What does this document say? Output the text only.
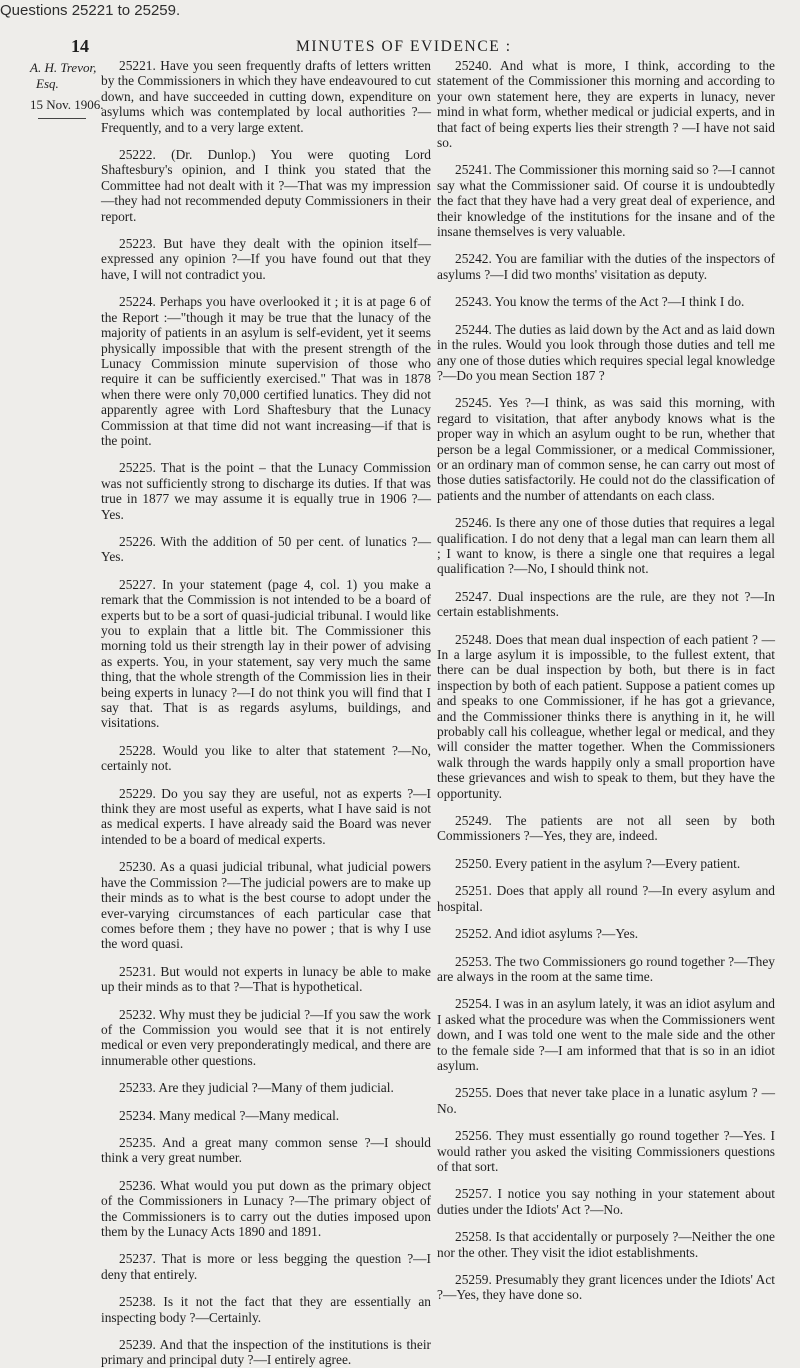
Questions 25221 to 25259.
14	MINUTES OF EVIDENCE :
A. H. Trevor,
Esq.
15 Nov. 1906.

25221. Have you seen frequently drafts of letters written by the Commissioners in which they have endeavoured to cut down, and have succeeded in cutting down, expenditure on asylums which was contemplated by local authorities ?—Frequently, and to a very large extent.

25222. (Dr. Dunlop.) You were quoting Lord Shaftesbury's opinion, and I think you stated that the Committee had not dealt with it ?—That was my impression—they had not recommended deputy Commissioners in their report.

25223. But have they dealt with the opinion itself—expressed any opinion ?—If you have found out that they have, I will not contradict you.

25224. Perhaps you have overlooked it ; it is at page 6 of the Report :—"though it may be true that the lunacy of the majority of patients in an asylum is self-evident, yet it seems physically impossible that with the present strength of the Lunacy Commission minute supervision of those who require it can be sufficiently exercised." That was in 1878 when there were only 70,000 certified lunatics. They did not apparently agree with Lord Shaftesbury that the Lunacy Commission at that time did not want increasing—if that is the point.

25225. That is the point – that the Lunacy Commission was not sufficiently strong to discharge its duties. If that was true in 1877 we may assume it is equally true in 1906 ?—Yes.

25226. With the addition of 50 per cent. of lunatics ?—Yes.

25227. In your statement (page 4, col. 1) you make a remark that the Commission is not intended to be a board of experts but to be a sort of quasi-judicial tribunal. I would like you to explain that a little bit. The Commissioner this morning told us their strength lay in their power of advising as experts. You, in your statement, say very much the same thing, that the whole strength of the Commission lies in their being experts in lunacy ?—I do not think you will find that I say that. That is as regards asylums, buildings, and visitations.

25228. Would you like to alter that statement ?—No, certainly not.

25229. Do you say they are useful, not as experts ?—I think they are most useful as experts, what I have said is not as medical experts. I have already said the Board was never intended to be a board of medical experts.

25230. As a quasi judicial tribunal, what judicial powers have the Commission ?—The judicial powers are to make up their minds as to what is the best course to adopt under the ever-varying circumstances of each particular case that comes before them ; they have no power ; that is why I use the word quasi.

25231. But would not experts in lunacy be able to make up their minds as to that ?—That is hypothetical.

25232. Why must they be judicial ?—If you saw the work of the Commission you would see that it is not entirely medical or even very preponderatingly medical, and there are innumerable other questions.

25233. Are they judicial ?—Many of them judicial.

25234. Many medical ?—Many medical.

25235. And a great many common sense ?—I should think a very great number.

25236. What would you put down as the primary object of the Commissioners in Lunacy ?—The primary object of the Commissioners is to carry out the duties imposed upon them by the Lunacy Acts 1890 and 1891.

25237. That is more or less begging the question ?—I deny that entirely.

25238. Is it not the fact that they are essentially an inspecting body ?—Certainly.

25239. And that the inspection of the institutions is their primary and principal duty ?—I entirely agree.

25240. And what is more, I think, according to the statement of the Commissioner this morning and according to your own statement here, they are experts in lunacy, never mind in what form, whether medical or judicial experts, and in that fact of being experts lies their strength ? —I have not said so.

25241. The Commissioner this morning said so ?—I cannot say what the Commissioner said. Of course it is undoubtedly the fact that they have had a very great deal of experience, and their knowledge of the institutions for the insane and of the insane themselves is very valuable.

25242. You are familiar with the duties of the inspectors of asylums ?—I did two months' visitation as deputy.

25243. You know the terms of the Act ?—I think I do.

25244. The duties as laid down by the Act and as laid down in the rules. Would you look through those duties and tell me any one of those duties which requires special legal knowledge ?—Do you mean Section 187 ?

25245. Yes ?—I think, as was said this morning, with regard to visitation, that after anybody knows what is the proper way in which an asylum ought to be run, whether that person be a legal Commissioner, or a medical Commissioner, or an ordinary man of common sense, he can carry out most of those duties satisfactorily. He could not do the classification of patients and the number of attendants on each class.

25246. Is there any one of those duties that requires a legal qualification. I do not deny that a legal man can learn them all ; I want to know, is there a single one that requires a legal qualification ?—No, I should think not.

25247. Dual inspections are the rule, are they not ?—In certain establishments.

25248. Does that mean dual inspection of each patient ? —In a large asylum it is impossible, to the fullest extent, that there can be dual inspection by both, but there is in fact inspection by both of each patient. Suppose a patient comes up and speaks to one Commissioner, if he has got a grievance, and the Commissioner thinks there is anything in it, he will probably call his colleague, whether legal or medical, and they will consider the matter together. When the Commissioners walk through the wards happily only a small proportion have these grievances and wish to speak to them, but they have the opportunity.

25249. The patients are not all seen by both Commissioners ?—Yes, they are, indeed.

25250. Every patient in the asylum ?—Every patient.

25251. Does that apply all round ?—In every asylum and hospital.

25252. And idiot asylums ?—Yes.

25253. The two Commissioners go round together ?—They are always in the room at the same time.

25254. I was in an asylum lately, it was an idiot asylum and I asked what the procedure was when the Commissioners went down, and I was told one went to the male side and the other to the female side ?—I am informed that that is so in an idiot asylum.

25255. Does that never take place in a lunatic asylum ? —No.

25256. They must essentially go round together ?—Yes. I would rather you asked the visiting Commissioners questions of that sort.

25257. I notice you say nothing in your statement about duties under the Idiots' Act ?—No.

25258. Is that accidentally or purposely ?—Neither the one nor the other. They visit the idiot establishments.

25259. Presumably they grant licences under the Idiots' Act ?—Yes, they have done so.
